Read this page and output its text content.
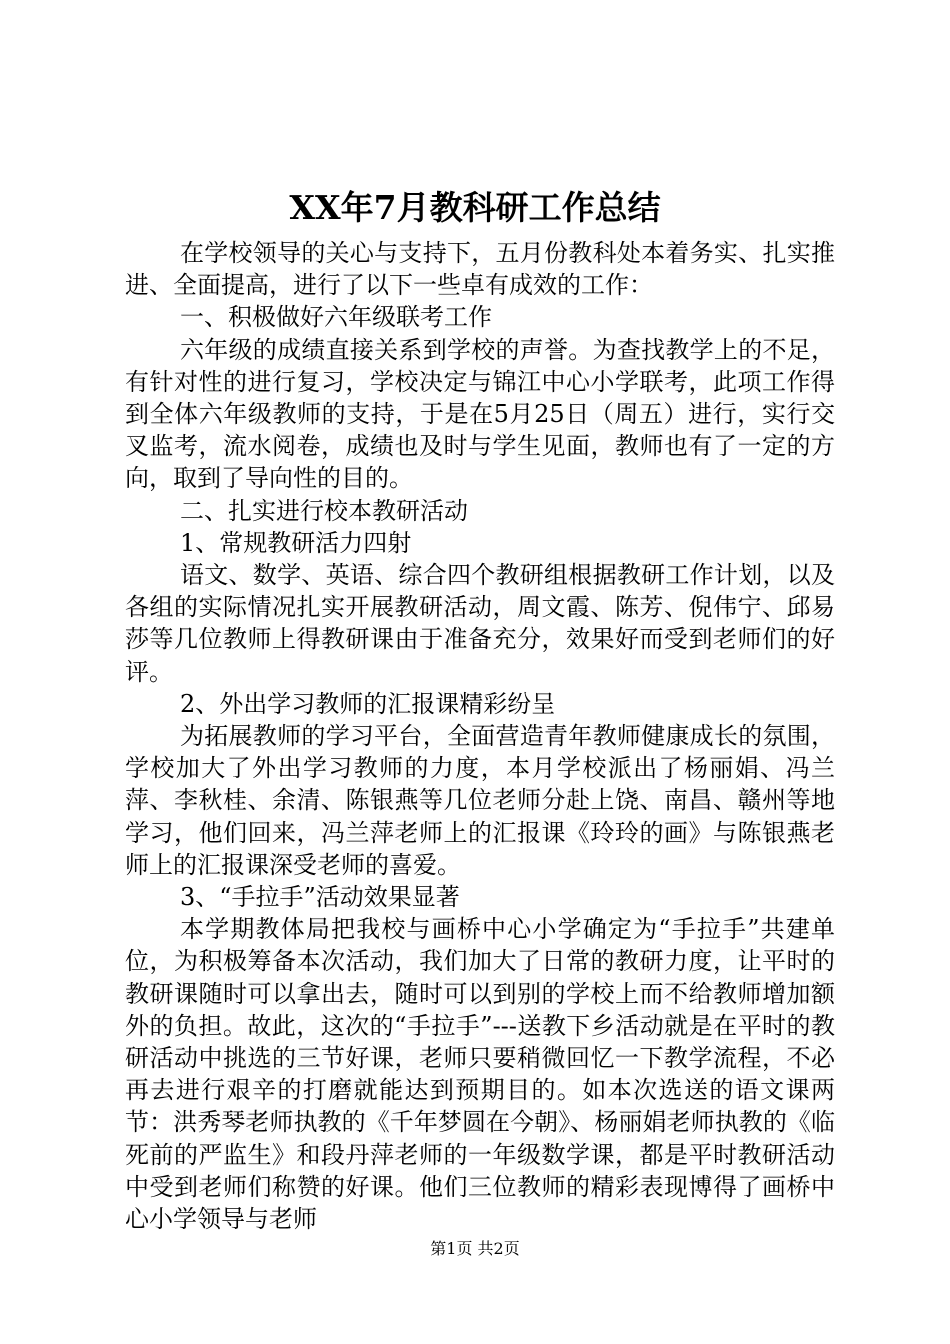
XX年7月教科研工作总结

在学校领导的关心与支持下，五月份教科处本着务实、扎实推进、全面提高，进行了以下一些卓有成效的工作：

一、积极做好六年级联考工作

六年级的成绩直接关系到学校的声誉。为查找教学上的不足，有针对性的进行复习，学校决定与锦江中心小学联考，此项工作得到全体六年级教师的支持，于是在5月25日（周五）进行，实行交叉监考，流水阅卷，成绩也及时与学生见面，教师也有了一定的方向，取到了导向性的目的。

二、扎实进行校本教研活动

1、常规教研活力四射

语文、数学、英语、综合四个教研组根据教研工作计划，以及各组的实际情况扎实开展教研活动，周文霞、陈芳、倪伟宁、邱易莎等几位教师上得教研课由于准备充分，效果好而受到老师们的好评。

2、外出学习教师的汇报课精彩纷呈

为拓展教师的学习平台，全面营造青年教师健康成长的氛围，学校加大了外出学习教师的力度，本月学校派出了杨丽娟、冯兰萍、李秋桂、余清、陈银燕等几位老师分赴上饶、南昌、赣州等地学习，他们回来，冯兰萍老师上的汇报课《玲玲的画》与陈银燕老师上的汇报课深受老师的喜爱。

3、“手拉手”活动效果显著

本学期教体局把我校与画桥中心小学确定为“手拉手”共建单位，为积极筹备本次活动，我们加大了日常的教研力度，让平时的教研课随时可以拿出去，随时可以到别的学校上而不给教师增加额外的负担。故此，这次的“手拉手”---送教下乡活动就是在平时的教研活动中挑选的三节好课，老师只要稍微回忆一下教学流程，不必再去进行艰辛的打磨就能达到预期目的。如本次选送的语文课两节：洪秀琴老师执教的《千年梦圆在今朝》、杨丽娟老师执教的《临死前的严监生》和段丹萍老师的一年级数学课，都是平时教研活动中受到老师们称赞的好课。他们三位教师的精彩表现博得了画桥中心小学领导与老师

第1页 共2页
